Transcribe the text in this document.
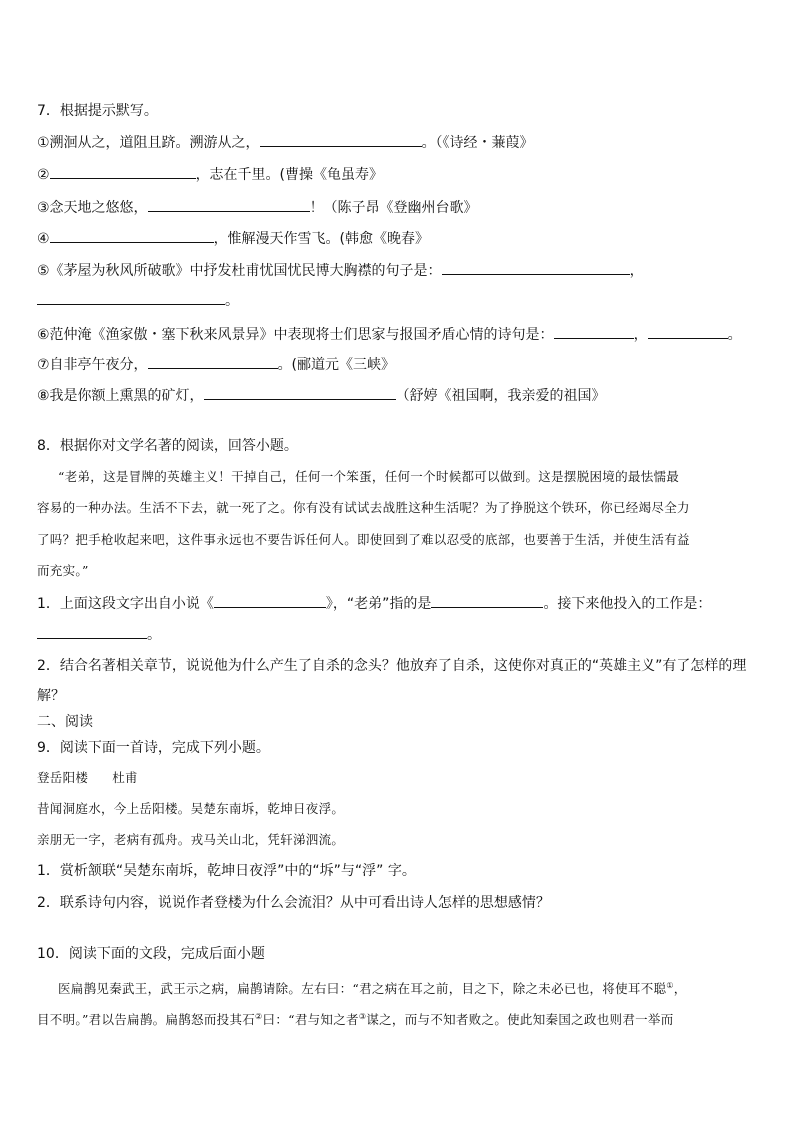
7．根据提示默写。
①溯洄从之，道阻且跻。溯游从之，	。（《诗经・蒹葭》
②	，志在千里。(曹操《龟虽寿》
③念天地之悠悠，	！（陈子昂《登幽州台歌》
④	，惟解漫天作雪飞。(韩愈《晚春》
⑤《茅屋为秋风所破歌》中抒发杜甫忧国忧民博大胸襟的句子是：	，
。
⑥范仲淹《渔家傲・塞下秋来风景异》中表现将士们思家与报国矛盾心情的诗句是：	，	。
⑦自非亭午夜分，	。(郦道元《三峡》
⑧我是你额上熏黑的矿灯，	（舒婷《祖国啊，我亲爱的祖国》
8．根据你对文学名著的阅读，回答小题。
“老弟，这是冒牌的英雄主义！干掉自己，任何一个笨蛋，任何一个时候都可以做到。这是摆脱困境的最怯懦最
容易的一种办法。生活不下去，就一死了之。你有没有试试去战胜这种生活呢？为了挣脱这个铁环，你已经竭尽全力
了吗？把手枪收起来吧，这件事永远也不要告诉任何人。即使回到了难以忍受的底部，也要善于生活，并使生活有益
而充实。”
1．上面这段文字出自小说《	》，“老弟”指的是	。接下来他投入的工作是：
。
2．结合名著相关章节，说说他为什么产生了自杀的念头？他放弃了自杀，这使你对真正的“英雄主义”有了怎样的理
解？
二、阅读
9．阅读下面一首诗，完成下列小题。
登岳阳楼 杜甫
昔闻洞庭水，今上岳阳楼。吴楚东南坼，乾坤日夜浮。
亲朋无一字，老病有孤舟。戎马关山北，凭轩涕泗流。
1．赏析颔联“吴楚东南坼，乾坤日夜浮”中的“坼”与“浮” 字。
2．联系诗句内容，说说作者登楼为什么会流泪？从中可看出诗人怎样的思想感情？
10．阅读下面的文段，完成后面小题
医扁鹊见秦武王，武王示之病，扁鹊请除。左右曰：“君之病在耳之前，目之下，除之未必已也，将使耳不聪①，
目不明。”君以告扁鹊。扁鹊怒而投其石②曰：“君与知之者③谋之，而与不知者败之。使此知秦国之政也则君一举而
